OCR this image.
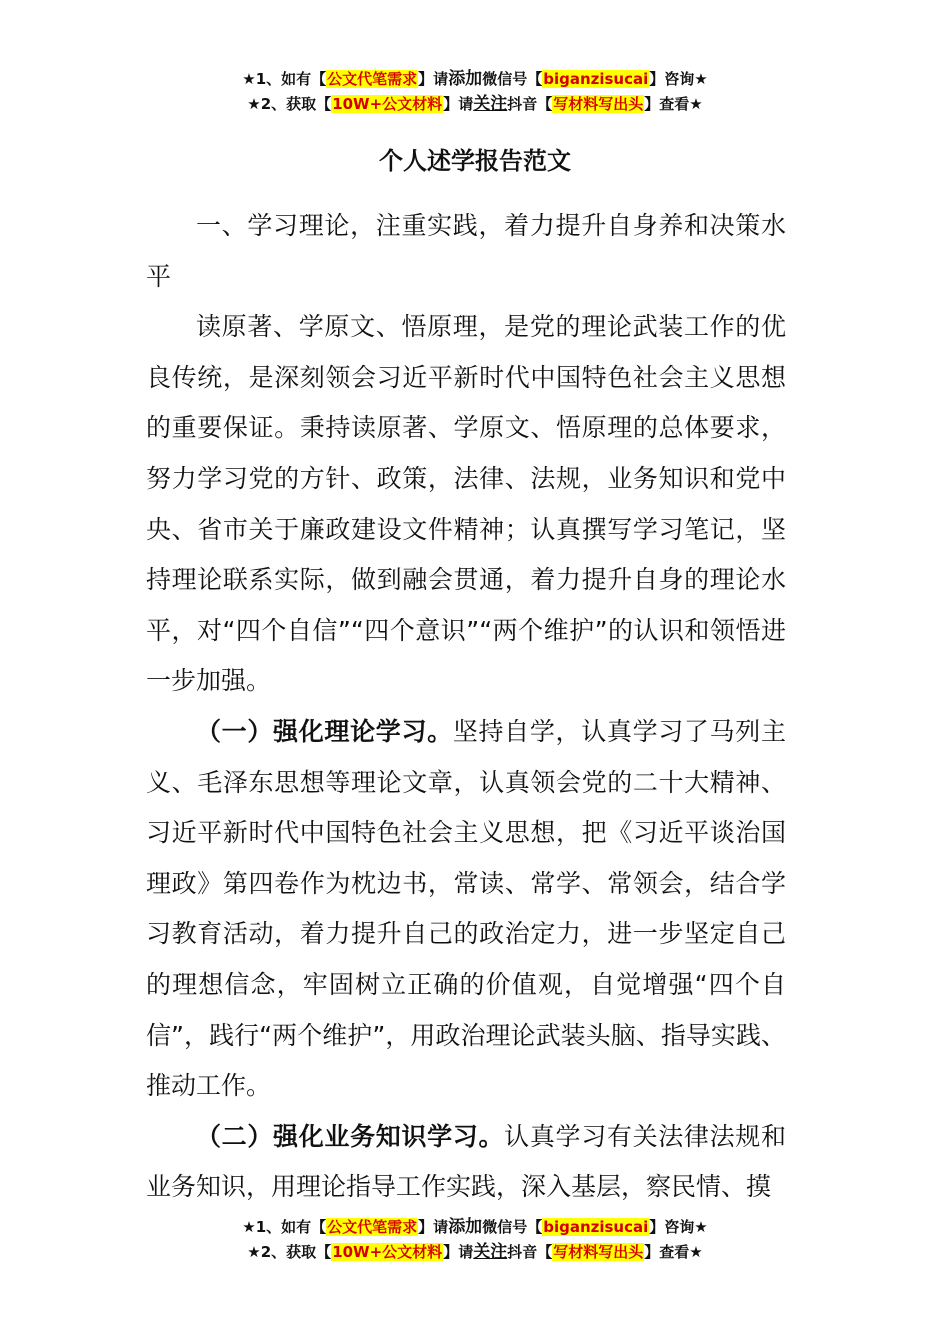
★1、如有【公文代笔需求】请添加微信号【biganzisucai】咨询★
★2、获取【10W+公文材料】请关注抖音【写材料写出头】查看★
个人述学报告范文

一、学习理论，注重实践，着力提升自身养和决策水平

读原著、学原文、悟原理，是党的理论武装工作的优良传统，是深刻领会习近平新时代中国特色社会主义思想的重要保证。秉持读原著、学原文、悟原理的总体要求，努力学习党的方针、政策，法律、法规，业务知识和党中央、省市关于廉政建设文件精神；认真撰写学习笔记，坚持理论联系实际，做到融会贯通，着力提升自身的理论水平，对“四个自信”“四个意识”“两个维护”的认识和领悟进一步加强。

（一）强化理论学习。坚持自学，认真学习了马列主义、毛泽东思想等理论文章，认真领会党的二十大精神、习近平新时代中国特色社会主义思想，把《习近平谈治国理政》第四卷作为枕边书，常读、常学、常领会，结合学习教育活动，着力提升自己的政治定力，进一步坚定自己的理想信念，牢固树立正确的价值观，自觉增强“四个自信”，践行“两个维护”，用政治理论武装头脑、指导实践、推动工作。

（二）强化业务知识学习。认真学习有关法律法规和业务知识，用理论指导工作实践，深入基层，察民情、摸

★1、如有【公文代笔需求】请添加微信号【biganzisucai】咨询★
★2、获取【10W+公文材料】请关注抖音【写材料写出头】查看★
